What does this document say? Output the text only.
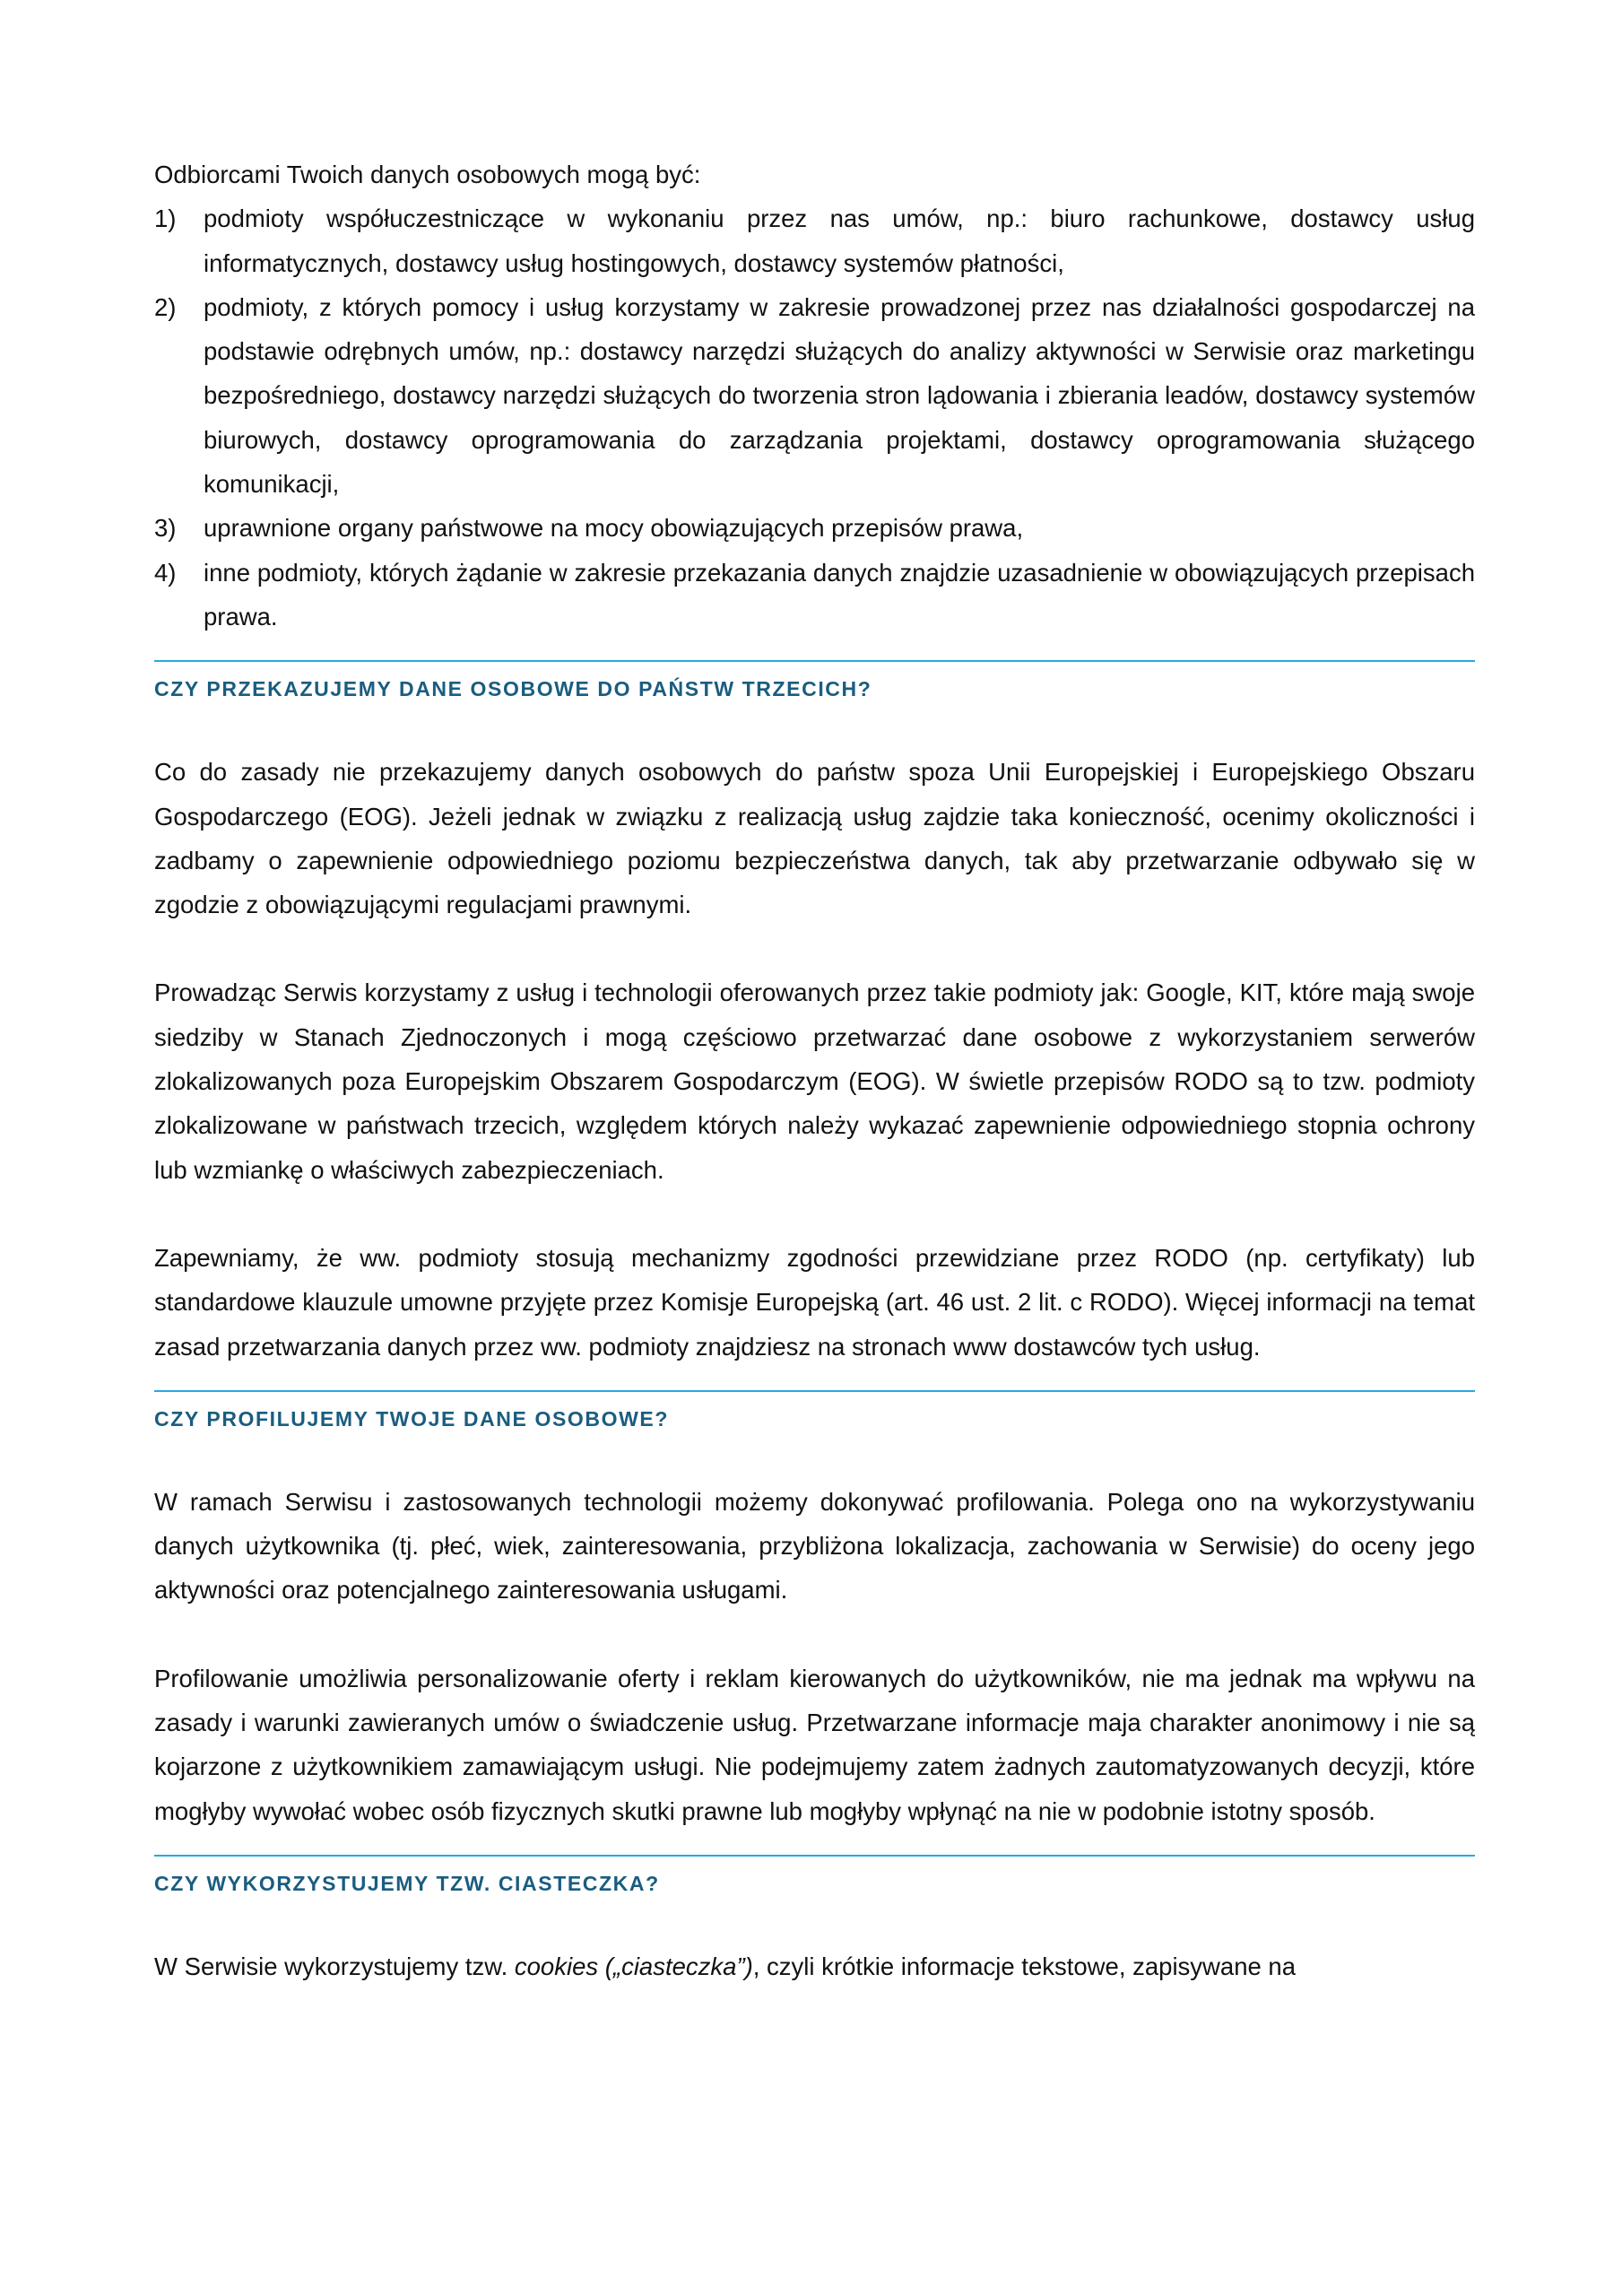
Odbiorcami Twoich danych osobowych mogą być:

1) podmioty współuczestniczące w wykonaniu przez nas umów, np.: biuro rachunkowe, dostawcy usług informatycznych, dostawcy usług hostingowych, dostawcy systemów płatności,
2) podmioty, z których pomocy i usług korzystamy w zakresie prowadzonej przez nas działalności gospodarczej na podstawie odrębnych umów, np.: dostawcy narzędzi służących do analizy aktywności w Serwisie oraz marketingu bezpośredniego, dostawcy narzędzi służących do tworzenia stron lądowania i zbierania leadów, dostawcy systemów biurowych, dostawcy oprogramowania do zarządzania projektami, dostawcy oprogramowania służącego komunikacji,
3) uprawnione organy państwowe na mocy obowiązujących przepisów prawa,
4) inne podmioty, których żądanie w zakresie przekazania danych znajdzie uzasadnienie w obowiązujących przepisach prawa.
CZY PRZEKAZUJEMY DANE OSOBOWE DO PAŃSTW TRZECICH?

Co do zasady nie przekazujemy danych osobowych do państw spoza Unii Europejskiej i Europejskiego Obszaru Gospodarczego (EOG). Jeżeli jednak w związku z realizacją usług zajdzie taka konieczność, ocenimy okoliczności i zadbamy o zapewnienie odpowiedniego poziomu bezpieczeństwa danych, tak aby przetwarzanie odbywało się w zgodzie z obowiązującymi regulacjami prawnymi.

Prowadząc Serwis korzystamy z usług i technologii oferowanych przez takie podmioty jak: Google, KIT, które mają swoje siedziby w Stanach Zjednoczonych i mogą częściowo przetwarzać dane osobowe z wykorzystaniem serwerów zlokalizowanych poza Europejskim Obszarem Gospodarczym (EOG). W świetle przepisów RODO są to tzw. podmioty zlokalizowane w państwach trzecich, względem których należy wykazać zapewnienie odpowiedniego stopnia ochrony lub wzmiankę o właściwych zabezpieczeniach.

Zapewniamy, że ww. podmioty stosują mechanizmy zgodności przewidziane przez RODO (np. certyfikaty) lub standardowe klauzule umowne przyjęte przez Komisje Europejską (art. 46 ust. 2 lit. c RODO). Więcej informacji na temat zasad przetwarzania danych przez ww. podmioty znajdziesz na stronach www dostawców tych usług.

CZY PROFILUJEMY TWOJE DANE OSOBOWE?

W ramach Serwisu i zastosowanych technologii możemy dokonywać profilowania. Polega ono na wykorzystywaniu danych użytkownika (tj. płeć, wiek, zainteresowania, przybliżona lokalizacja, zachowania w Serwisie) do oceny jego aktywności oraz potencjalnego zainteresowania usługami.

Profilowanie umożliwia personalizowanie oferty i reklam kierowanych do użytkowników, nie ma jednak ma wpływu na zasady i warunki zawieranych umów o świadczenie usług. Przetwarzane informacje maja charakter anonimowy i nie są kojarzone z użytkownikiem zamawiającym usługi. Nie podejmujemy zatem żadnych zautomatyzowanych decyzji, które mogłyby wywołać wobec osób fizycznych skutki prawne lub mogłyby wpłynąć na nie w podobnie istotny sposób.

CZY WYKORZYSTUJEMY TZW. CIASTECZKA?

W Serwisie wykorzystujemy tzw. cookies („ciasteczka”), czyli krótkie informacje tekstowe, zapisywane na
